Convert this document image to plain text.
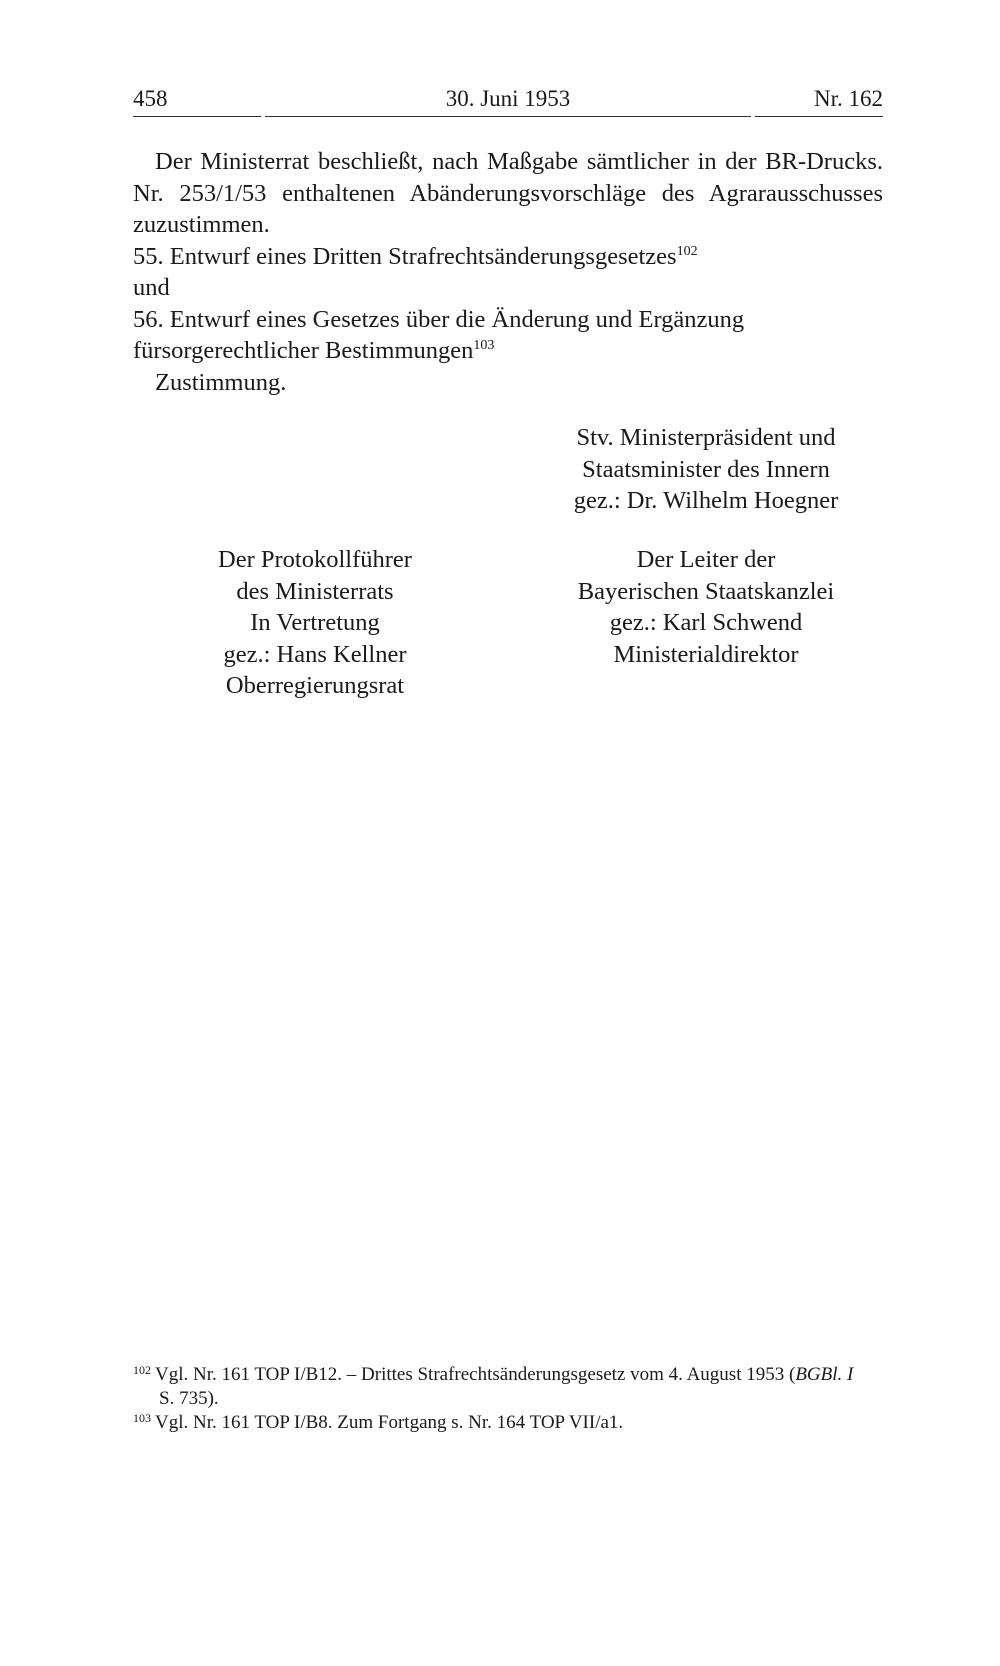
458	30. Juni 1953	Nr. 162

Der Ministerrat beschließt, nach Maßgabe sämtlicher in der BR-Drucks. Nr. 253/1/53 enthaltenen Abänderungsvorschläge des Agrarausschusses zuzustimmen.

55. Entwurf eines Dritten Strafrechtsänderungsgesetzes$^{102}$

und

56. Entwurf eines Gesetzes über die Änderung und Ergänzung fürsorgerechtlicher Bestimmungen$^{103}$

Zustimmung.

Stv. Ministerpräsident und
Staatsminister des Innern
gez.: Dr. Wilhelm Hoegner
Der Protokollführer
des Ministerrats
In Vertretung
gez.: Hans Kellner
Oberregierungsrat
Der Leiter der
Bayerischen Staatskanzlei
gez.: Karl Schwend
Ministerialdirektor

$^{102}$ Vgl. Nr. 161 TOP I/B12. – Drittes Strafrechtsänderungsgesetz vom 4. August 1953 (BGBl. I

S. 735).

$^{103}$ Vgl. Nr. 161 TOP I/B8. Zum Fortgang s. Nr. 164 TOP VII/a1.
